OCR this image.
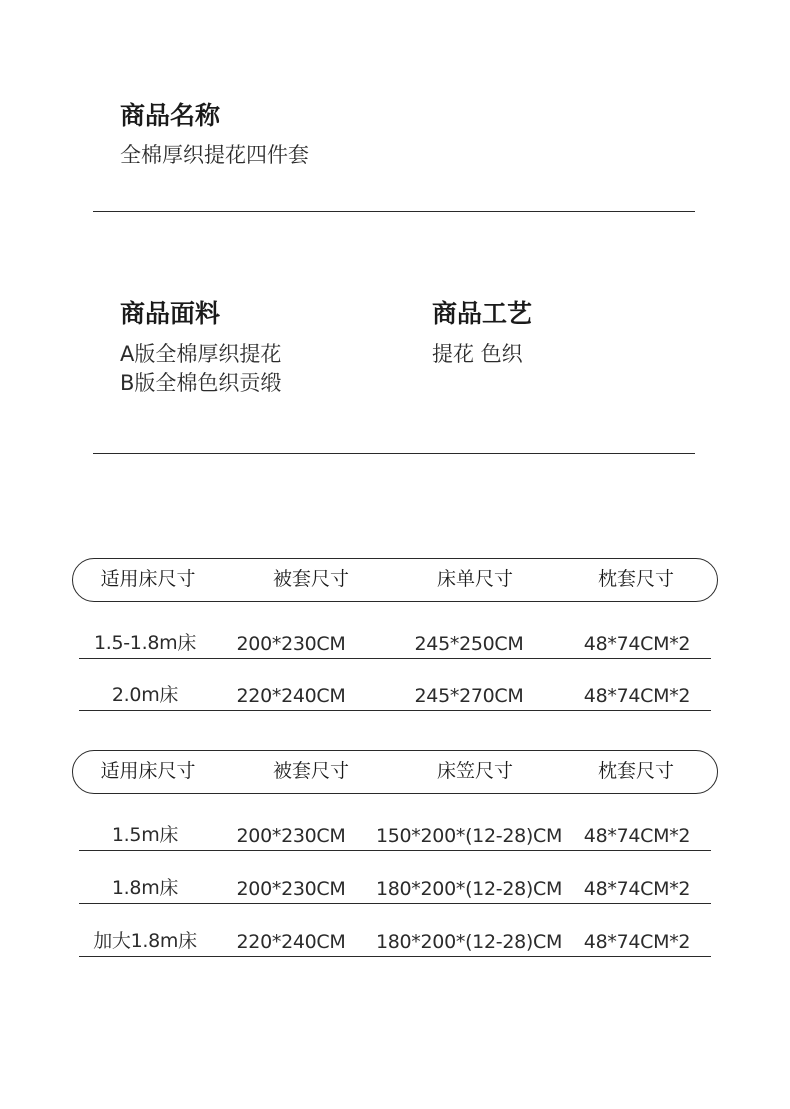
商品名称
全棉厚织提花四件套
商品面料
A版全棉厚织提花
B版全棉色织贡缎
商品工艺
提花 色织
适用床尺寸	被套尺寸	床单尺寸	枕套尺寸
1.5-1.8m床	200*230CM	245*250CM	48*74CM*2
2.0m床	220*240CM	245*270CM	48*74CM*2
适用床尺寸	被套尺寸	床笠尺寸	枕套尺寸
1.5m床	200*230CM	150*200*(12-28)CM	48*74CM*2
1.8m床	200*230CM	180*200*(12-28)CM	48*74CM*2
加大1.8m床	220*240CM	180*200*(12-28)CM	48*74CM*2
